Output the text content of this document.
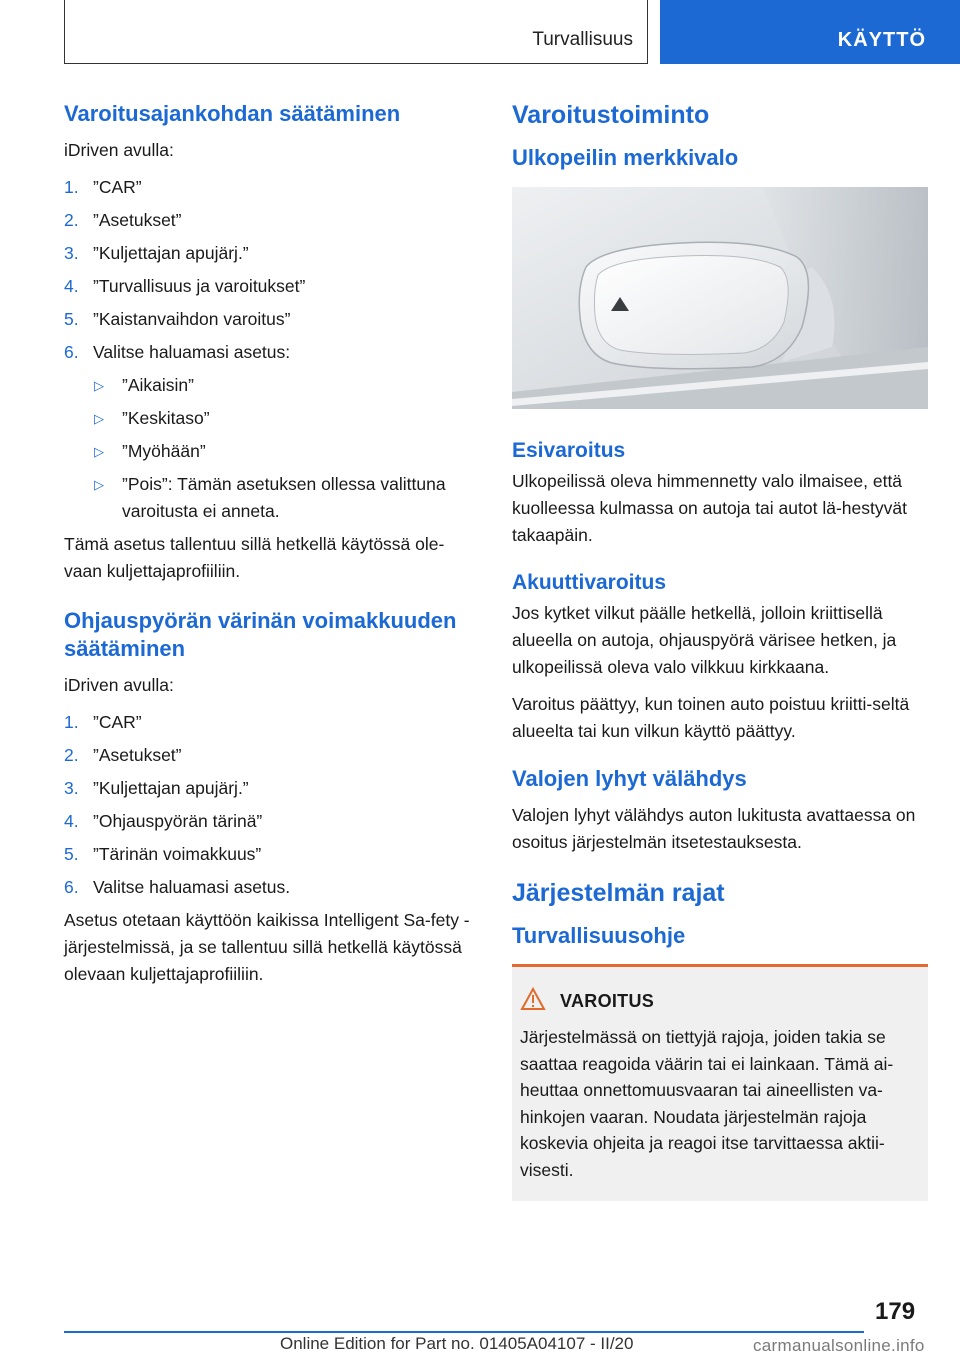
Turvallisuus	KÄYTTÖ
Varoitusajankohdan säätäminen

iDriven avulla:

1. ”CAR”
2. ”Asetukset”
3. ”Kuljettajan apujärj.”
4. ”Turvallisuus ja varoitukset”
5. ”Kaistanvaihdon varoitus”
6. Valitse haluamasi asetus:
▷ ”Aikaisin”
▷ ”Keskitaso”
▷ ”Myöhään”
▷ ”Pois”: Tämän asetuksen ollessa valittuna varoitusta ei anneta.

Tämä asetus tallentuu sillä hetkellä käytössä ole-vaan kuljettajaprofiiliin.

Ohjauspyörän värinän voimakkuuden säätäminen

iDriven avulla:

1. ”CAR”
2. ”Asetukset”
3. ”Kuljettajan apujärj.”
4. ”Ohjauspyörän tärinä”
5. ”Tärinän voimakkuus”
6. Valitse haluamasi asetus.

Asetus otetaan käyttöön kaikissa Intelligent Sa-fety -järjestelmissä, ja se tallentuu sillä hetkellä käytössä olevaan kuljettajaprofiiliin.

Varoitustoiminto
Ulkopeilin merkkivalo
Esivaroitus

Ulkopeilissä oleva himmennetty valo ilmaisee, että kuolleessa kulmassa on autoja tai autot lä-hestyvät takaapäin.

Akuuttivaroitus

Jos kytket vilkut päälle hetkellä, jolloin kriittisellä alueella on autoja, ohjauspyörä värisee hetken, ja ulkopeilissä oleva valo vilkkuu kirkkaana.

Varoitus päättyy, kun toinen auto poistuu kriitti-seltä alueelta tai kun vilkun käyttö päättyy.

Valojen lyhyt välähdys

Valojen lyhyt välähdys auton lukitusta avattaessa on osoitus järjestelmän itsetestauksesta.

Järjestelmän rajat
Turvallisuusohje
VAROITUS

Järjestelmässä on tiettyjä rajoja, joiden takia se saattaa reagoida väärin tai ei lainkaan. Tämä ai-heuttaa onnettomuusvaaran tai aineellisten va-hinkojen vaaran. Noudata järjestelmän rajoja koskevia ohjeita ja reagoi itse tarvittaessa aktii-visesti.

179
Online Edition for Part no. 01405A04107 - II/20	carmanualsonline.info
